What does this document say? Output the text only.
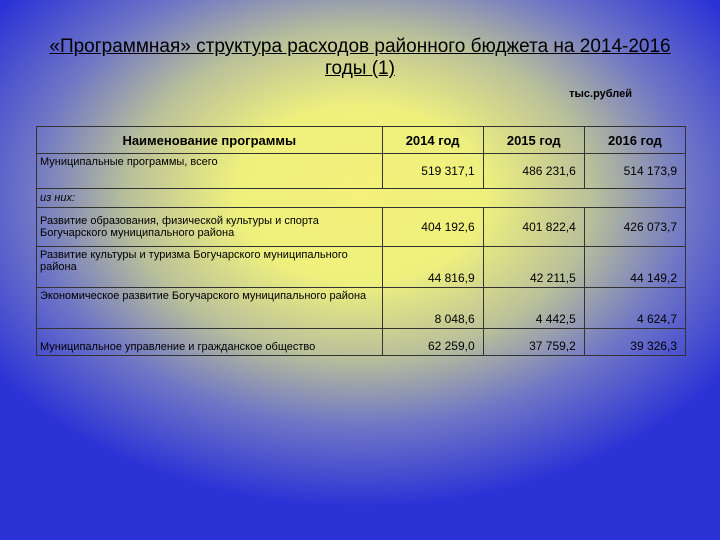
«Программная» структура расходов районного бюджета на 2014-2016 годы (1)
тыс.рублей
Наименование программы	2014 год	2015 год	2016 год
Муниципальные программы, всего	519 317,1	486 231,6	514 173,9
из них:			
Развитие образования, физической культуры и спорта Богучарского муниципального района	404 192,6	401 822,4	426 073,7
Развитие культуры и туризма Богучарского муниципального района	44 816,9	42 211,5	44 149,2
Экономическое развитие Богучарского муниципального района	8 048,6	4 442,5	4 624,7
Муниципальное управление и гражданское общество	62 259,0	37 759,2	39 326,3
